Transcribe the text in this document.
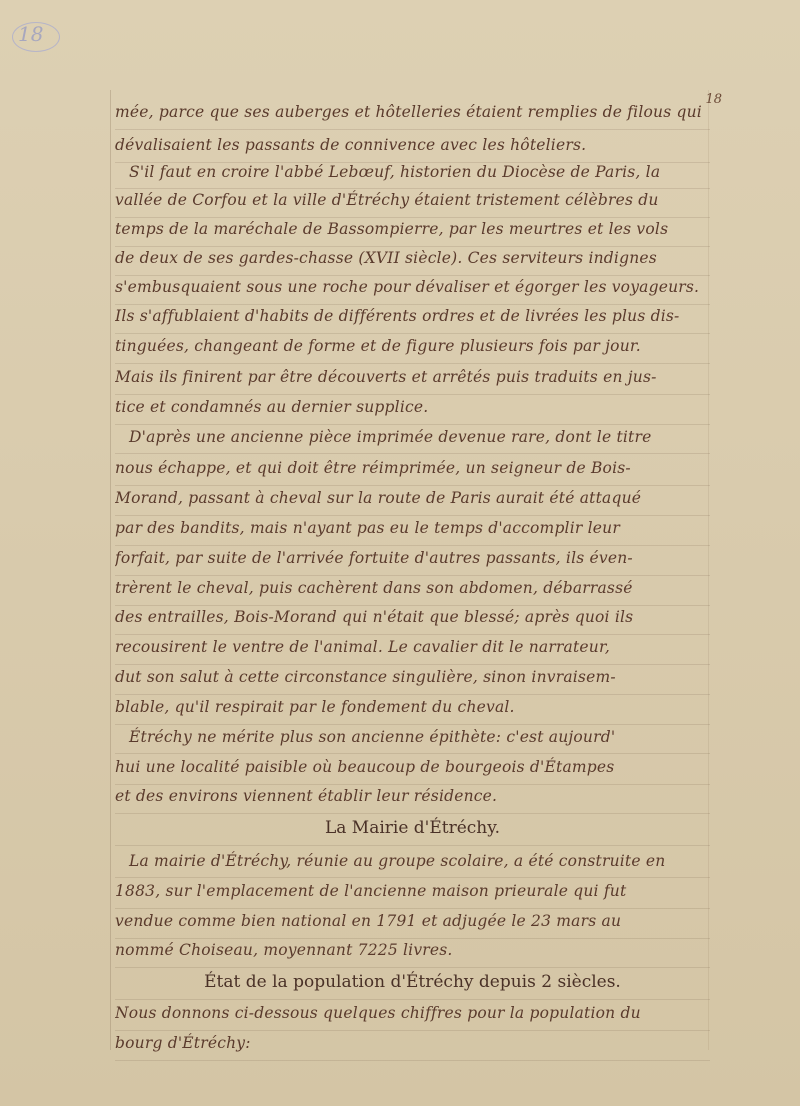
18
18
mée, parce que ses auberges et hôtelleries étaient remplies de filous qui
dévalisaient les passants de connivence avec les hôteliers.
S'il faut en croire l'abbé Lebœuf, historien du Diocèse de Paris, la
vallée de Corfou et la ville d'Étréchy étaient tristement célèbres du
temps de la maréchale de Bassompierre, par les meurtres et les vols
de deux de ses gardes-chasse (XVII siècle). Ces serviteurs indignes
s'embusquaient sous une roche pour dévaliser et égorger les voyageurs.
Ils s'affublaient d'habits de différents ordres et de livrées les plus dis-
tinguées, changeant de forme et de figure plusieurs fois par jour.
Mais ils finirent par être découverts et arrêtés puis traduits en jus-
tice et condamnés au dernier supplice.
D'après une ancienne pièce imprimée devenue rare, dont le titre
nous échappe, et qui doit être réimprimée, un seigneur de Bois-
Morand, passant à cheval sur la route de Paris aurait été attaqué
par des bandits, mais n'ayant pas eu le temps d'accomplir leur
forfait, par suite de l'arrivée fortuite d'autres passants, ils éven-
trèrent le cheval, puis cachèrent dans son abdomen, débarrassé
des entrailles, Bois-Morand qui n'était que blessé; après quoi ils
recousirent le ventre de l'animal. Le cavalier dit le narrateur,
dut son salut à cette circonstance singulière, sinon invraisem-
blable, qu'il respirait par le fondement du cheval.
Étréchy ne mérite plus son ancienne épithète: c'est aujourd'
hui une localité paisible où beaucoup de bourgeois d'Étampes
et des environs viennent établir leur résidence.
La Mairie d'Étréchy.
La mairie d'Étréchy, réunie au groupe scolaire, a été construite en
1883, sur l'emplacement de l'ancienne maison prieurale qui fut
vendue comme bien national en 1791 et adjugée le 23 mars au
nommé Choiseau, moyennant 7225 livres.
État de la population d'Étréchy depuis 2 siècles.
Nous donnons ci-dessous quelques chiffres pour la population du
bourg d'Étréchy:
